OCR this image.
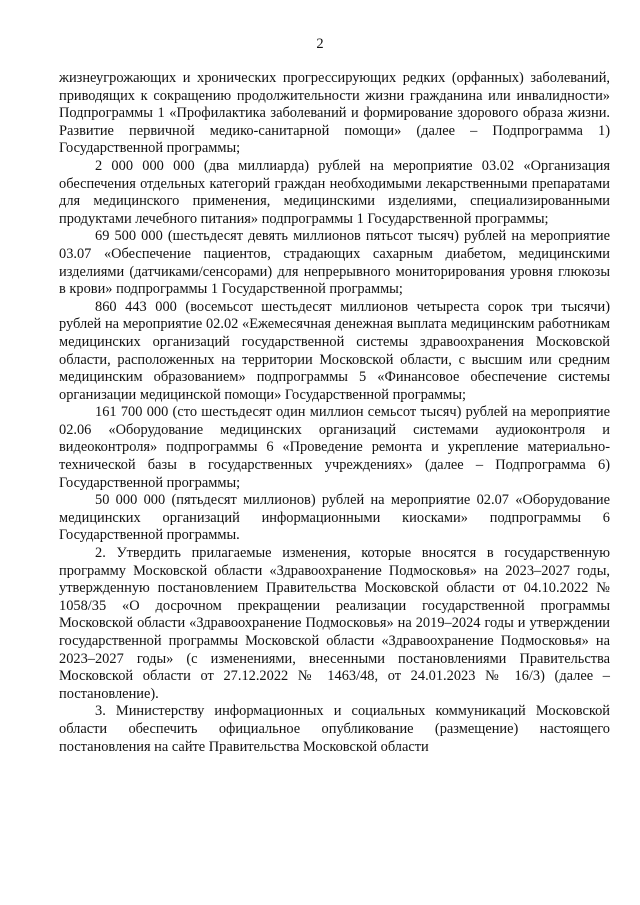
2

жизнеугрожающих и хронических прогрессирующих редких (орфанных) заболеваний, приводящих к сокращению продолжительности жизни гражданина или инвалидности» Подпрограммы 1 «Профилактика заболеваний и формирование здорового образа жизни. Развитие первичной медико-санитарной помощи» (далее – Подпрограмма 1) Государственной программы;

2 000 000 000 (два миллиарда) рублей на мероприятие 03.02 «Организация обеспечения отдельных категорий граждан необходимыми лекарственными препаратами для медицинского применения, медицинскими изделиями, специализированными продуктами лечебного питания» подпрограммы 1 Государственной программы;

69 500 000 (шестьдесят девять миллионов пятьсот тысяч) рублей на мероприятие 03.07 «Обеспечение пациентов, страдающих сахарным диабетом, медицинскими изделиями (датчиками/сенсорами) для непрерывного мониторирования уровня глюкозы в крови» подпрограммы 1 Государственной программы;

860 443 000 (восемьсот шестьдесят миллионов четыреста сорок три тысячи) рублей на мероприятие 02.02 «Ежемесячная денежная выплата медицинским работникам медицинских организаций государственной системы здравоохранения Московской области, расположенных на территории Московской области, с высшим или средним медицинским образованием» подпрограммы 5 «Финансовое обеспечение системы организации медицинской помощи» Государственной программы;

161 700 000 (сто шестьдесят один миллион семьсот тысяч) рублей на мероприятие 02.06 «Оборудование медицинских организаций системами аудиоконтроля и видеоконтроля» подпрограммы 6 «Проведение ремонта и укрепление материально-технической базы в государственных учреждениях» (далее – Подпрограмма 6) Государственной программы;

50 000 000 (пятьдесят миллионов) рублей на мероприятие 02.07 «Оборудование медицинских организаций информационными киосками» подпрограммы 6 Государственной программы.

2. Утвердить прилагаемые изменения, которые вносятся в государственную программу Московской области «Здравоохранение Подмосковья» на 2023–2027 годы, утвержденную постановлением Правительства Московской области от 04.10.2022 № 1058/35 «О досрочном прекращении реализации государственной программы Московской области «Здравоохранение Подмосковья» на 2019–2024 годы и утверждении государственной программы Московской области «Здравоохранение Подмосковья» на 2023–2027 годы» (с изменениями, внесенными постановлениями Правительства Московской области от 27.12.2022 № 1463/48, от 24.01.2023 № 16/3) (далее – постановление).

3. Министерству информационных и социальных коммуникаций Московской области обеспечить официальное опубликование (размещение) настоящего постановления на сайте Правительства Московской области
